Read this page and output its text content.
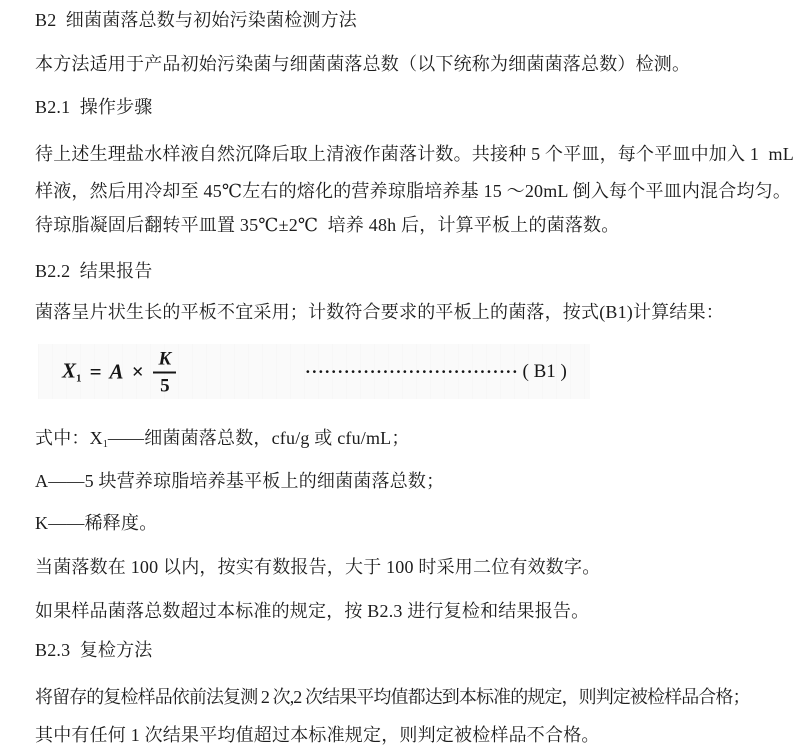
B2  细菌菌落总数与初始污染菌检测方法
本方法适用于产品初始污染菌与细菌菌落总数（以下统称为细菌菌落总数）检测。
B2.1  操作步骤
待上述生理盐水样液自然沉降后取上清液作菌落计数。共接种 5 个平皿，每个平皿中加入 1  mL
样液，然后用冷却至 45℃左右的熔化的营养琼脂培养基 15 ～20mL 倒入每个平皿内混合均匀。
待琼脂凝固后翻转平皿置 35℃±2℃  培养 48h 后，计算平板上的菌落数。
B2.2  结果报告
菌落呈片状生长的平板不宜采用；计数符合要求的平板上的菌落，按式(B1)计算结果：
$X_1 = A \times \frac{K}{5}$	································· ( B1 )
式中：$X_1——$细菌菌落总数，cfu/g 或 cfu/mL；
A——5 块营养琼脂培养基平板上的细菌菌落总数；
K——稀释度。
当菌落数在 100 以内，按实有数报告，大于 100 时采用二位有效数字。
如果样品菌落总数超过本标准的规定，按 B2.3 进行复检和结果报告。
B2.3  复检方法
将留存的复检样品依前法复测 2 次,2 次结果平均值都达到本标准的规定，则判定被检样品合格；
其中有任何 1 次结果平均值超过本标准规定，则判定被检样品不合格。
